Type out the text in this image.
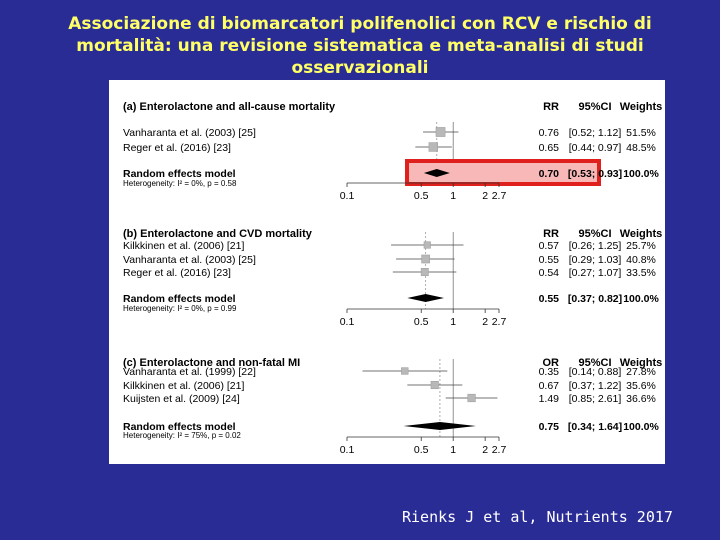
Associazione di biomarcatori polifenolici con RCV e rischio di
mortalità: una revisione sistematica e meta-analisi di studi
osservazionali
(a) Enterolactone and all-cause mortality	RR 95%CI Weights
Vanharanta et al. (2003) [25]	0.76 [0.52; 1.12] 51.5%
Reger et al. (2016) [23]	0.65 [0.44; 0.97] 48.5%
Random effects model	0.70 [0.53; 0.93] 100.0%
Heterogeneity: I² = 0%, p = 0.58
0.1	0.5 1 2 2.7
(b) Enterolactone and CVD mortality	RR 95%CI Weights
Kilkkinen et al. (2006) [21]	0.57 [0.26; 1.25] 25.7%
Vanharanta et al. (2003) [25]	0.55 [0.29; 1.03] 40.8%
Reger et al. (2016) [23]	0.54 [0.27; 1.07] 33.5%
Random effects model	0.55 [0.37; 0.82] 100.0%
Heterogeneity: I² = 0%, p = 0.99
0.1	0.5 1 2 2.7
(c) Enterolactone and non-fatal MI	OR 95%CI Weights
Vanharanta et al. (1999) [22]	0.35 [0.14; 0.88] 27.8%
Kilkkinen et al. (2006) [21]	0.67 [0.37; 1.22] 35.6%
Kuijsten et al. (2009) [24]	1.49 [0.85; 2.61] 36.6%
Random effects model	0.75 [0.34; 1.64] 100.0%
Heterogeneity: I² = 75%, p = 0.02
0.1	0.5 1 2 2.7
Rienks J et al, Nutrients 2017
